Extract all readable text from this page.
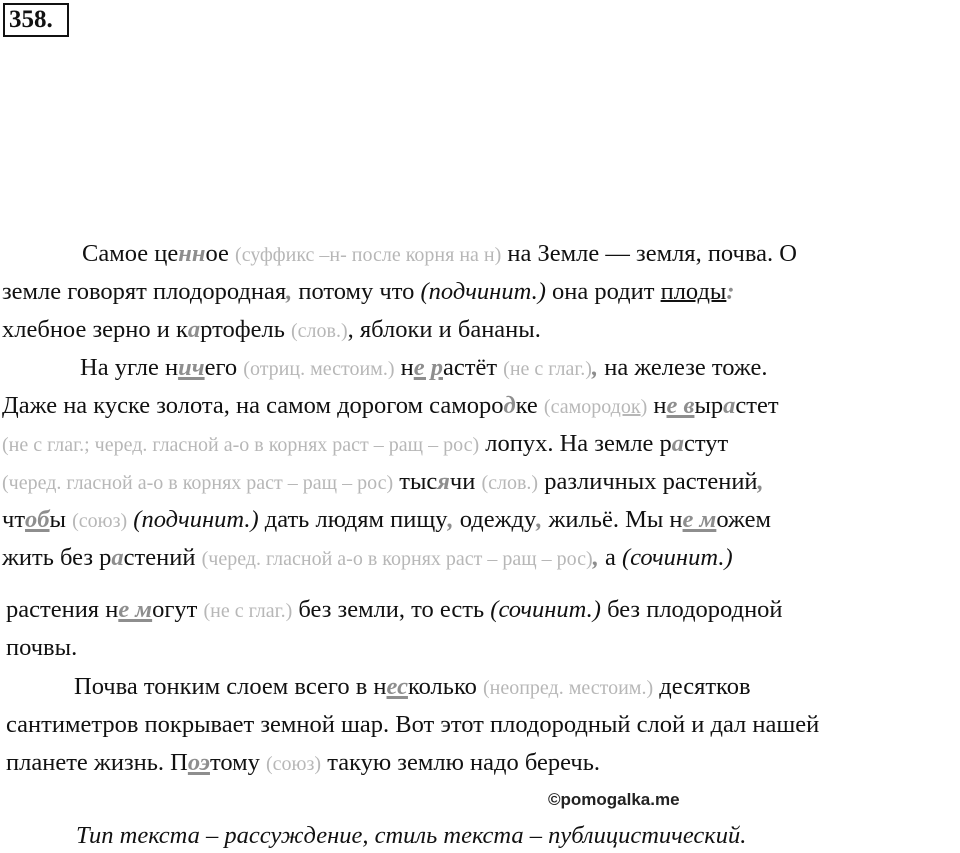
358.
Самое ценное (суффикс –н- после корня на н) на Земле — земля, почва. О
земле говорят плодородная, потому что (подчинит.) она родит плоды:
хлебное зерно и картофель (слов.), яблоки и бананы.
На угле ничего (отриц. местоим.) не растёт (не с глаг.), на железе тоже.
Даже на куске золота, на самом дорогом самородке (самородок) не вырастет
(не с глаг.; черед. гласной а-о в корнях раст – ращ – рос) лопух. На земле растут
(черед. гласной а-о в корнях раст – ращ – рос) тысячи (слов.) различных растений,
чтобы (союз) (подчинит.) дать людям пищу, одежду, жильё. Мы не можем
жить без растений (черед. гласной а-о в корнях раст – ращ – рос), а (сочинит.)
растения не могут (не с глаг.) без земли, то есть (сочинит.) без плодородной
почвы.
Почва тонким слоем всего в несколько (неопред. местоим.) десятков
сантиметров покрывает земной шар. Вот этот плодородный слой и дал нашей
планете жизнь. Поэтому (союз) такую землю надо беречь.
©pomogalka.me
Тип текста – рассуждение, стиль текста – публицистический.
